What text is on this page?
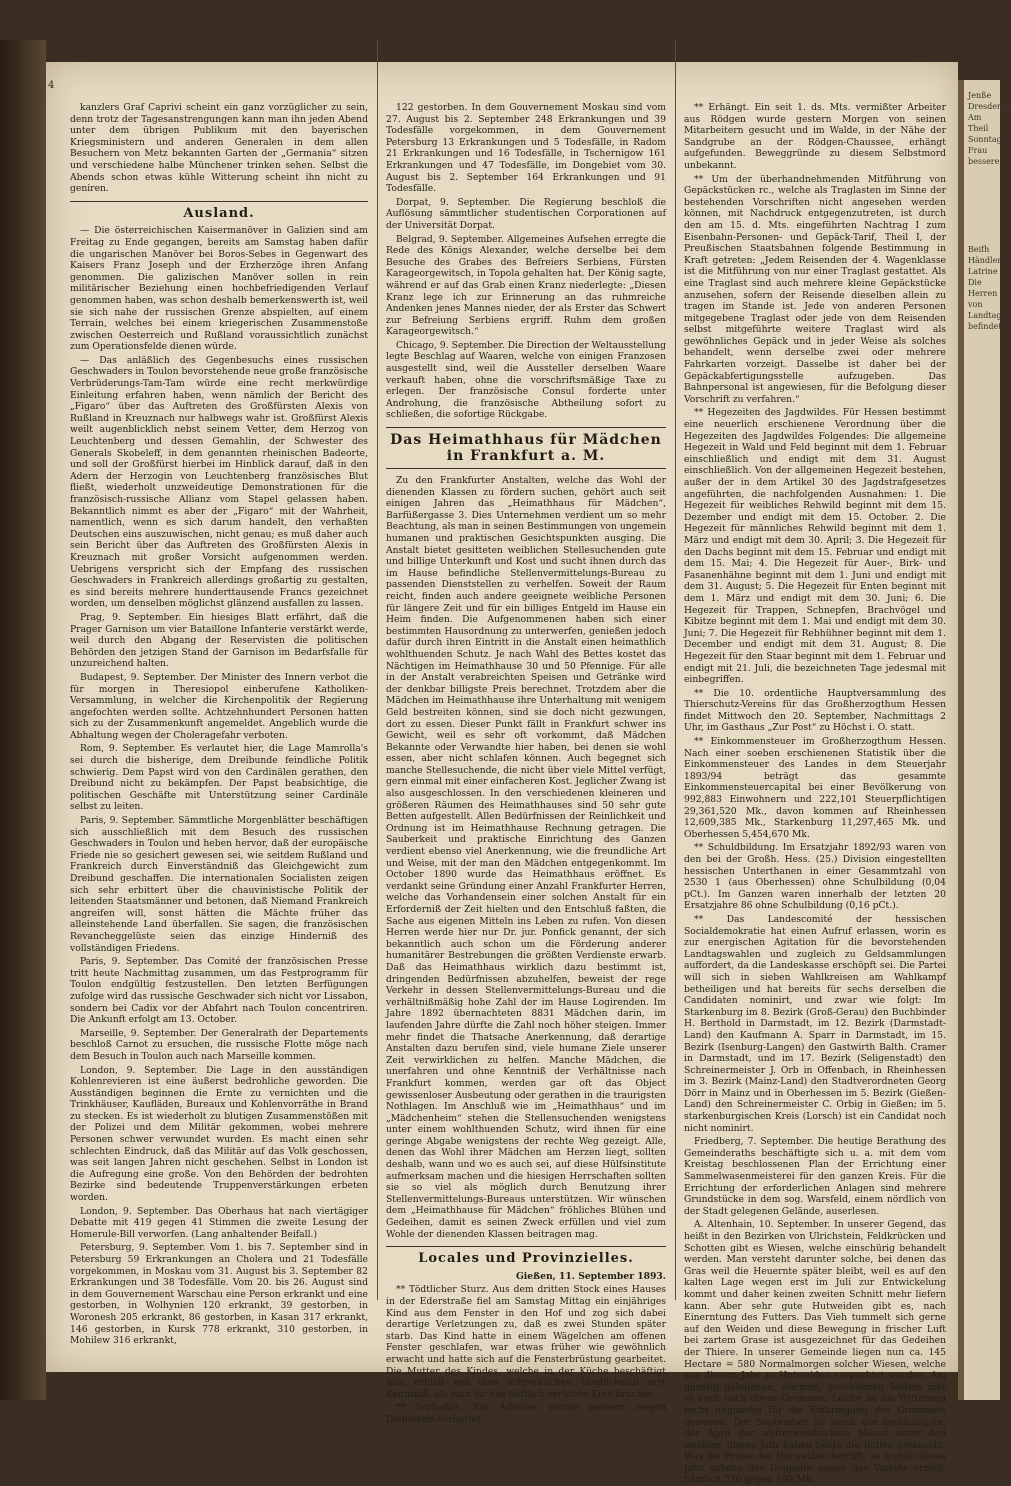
4

kanzlers Graf Caprivi scheint ein ganz vorzüglicher zu sein, denn trotz der Tagesanstrengungen kann man ihn jeden Abend unter dem übrigen Publikum mit den bayerischen Kriegsministern und anderen Generalen in dem allen Besuchern von Metz bekannten Garten der „Germania“ sitzen und verschiedene halbe Münchener trinken sehen. Selbst die Abends schon etwas kühle Witterung scheint ihn nicht zu geniren.

Ausland.

— Die österreichischen Kaisermanöver in Galizien sind am Freitag zu Ende gegangen, bereits am Samstag haben dafür die ungarischen Manöver bei Boros-Sebes in Gegenwart des Kaisers Franz Joseph und der Erzherzöge ihren Anfang genommen. Die galizischen Manöver sollen in rein militärischer Beziehung einen hochbefriedigenden Verlauf genommen haben, was schon deshalb bemerkenswerth ist, weil sie sich nahe der russischen Grenze abspielten, auf einem Terrain, welches bei einem kriegerischen Zusammenstoße zwischen Oesterreich und Rußland voraussichtlich zunächst zum Operationsfelde dienen würde.

— Das anläßlich des Gegenbesuchs eines russischen Geschwaders in Toulon bevorstehende neue große französische Verbrüderungs-Tam-Tam würde eine recht merkwürdige Einleitung erfahren haben, wenn nämlich der Bericht des „Figaro“ über das Auftreten des Großfürsten Alexis von Rußland in Kreuznach nur halbwegs wahr ist. Großfürst Alexis weilt augenblicklich nebst seinem Vetter, dem Herzog von Leuchtenberg und dessen Gemahlin, der Schwester des Generals Skobeleff, in dem genannten rheinischen Badeorte, und soll der Großfürst hierbei im Hinblick darauf, daß in den Adern der Herzogin von Leuchtenberg französisches Blut fließt, wiederholt unzweideutige Demonstrationen für die französisch-russische Allianz vom Stapel gelassen haben. Bekanntlich nimmt es aber der „Figaro“ mit der Wahrheit, namentlich, wenn es sich darum handelt, den verhaßten Deutschen eins auszuwischen, nicht genau; es muß daher auch sein Bericht über das Auftreten des Großfürsten Alexis in Kreuznach mit großer Vorsicht aufgenommen werden. Uebrigens verspricht sich der Empfang des russischen Geschwaders in Frankreich allerdings großartig zu gestalten, es sind bereits mehrere hunderttausende Francs gezeichnet worden, um denselben möglichst glänzend ausfallen zu lassen.

Prag, 9. September. Ein hiesiges Blatt erfährt, daß die Prager Garnison um vier Bataillone Infanterie verstärkt werde, weil durch den Abgang der Reservisten die politischen Behörden den jetzigen Stand der Garnison im Bedarfsfalle für unzureichend halten.

Budapest, 9. September. Der Minister des Innern verbot die für morgen in Theresiopol einberufene Katholiken-Versammlung, in welcher die Kirchenpolitik der Regierung angefochten werden sollte. Achtzehnhundert Personen hatten sich zu der Zusammenkunft angemeldet. Angeblich wurde die Abhaltung wegen der Choleragefahr verboten.

Rom, 9. September. Es verlautet hier, die Lage Mamrolla's sei durch die bisherige, dem Dreibunde feindliche Politik schwierig. Dem Papst wird von den Cardinälen gerathen, den Dreibund nicht zu bekämpfen. Der Papst beabsichtige, die politischen Geschäfte mit Unterstützung seiner Cardinäle selbst zu leiten.

Paris, 9. September. Sämmtliche Morgenblätter beschäftigen sich ausschließlich mit dem Besuch des russischen Geschwaders in Toulon und heben hervor, daß der europäische Friede nie so gesichert gewesen sei, wie seitdem Rußland und Frankreich durch Einverständniß das Gleichgewicht zum Dreibund geschaffen. Die internationalen Socialisten zeigen sich sehr erbittert über die chauvinistische Politik der leitenden Staatsmänner und betonen, daß Niemand Frankreich angreifen will, sonst hätten die Mächte früher das alleinstehende Land überfallen. Sie sagen, die französischen Revancheggelüste seien das einzige Hinderniß des vollständigen Friedens.

Paris, 9. September. Das Comité der französischen Presse tritt heute Nachmittag zusammen, um das Festprogramm für Toulon endgültig festzustellen. Den letzten Berfügungen zufolge wird das russische Geschwader sich nicht vor Lissabon, sondern bei Cadix vor der Abfahrt nach Toulon concentriren. Die Ankunft erfolgt am 13. October.

Marseille, 9. September. Der Generalrath der Departements beschloß Carnot zu ersuchen, die russische Flotte möge nach dem Besuch in Toulon auch nach Marseille kommen.

London, 9. September. Die Lage in den ausständigen Kohlenrevieren ist eine äußerst bedrohliche geworden. Die Ausständigen beginnen die Ernte zu vernichten und die Trinkhäuser, Kaufläden, Bureaux und Kohlenvorräthe in Brand zu stecken. Es ist wiederholt zu blutigen Zusammenstößen mit der Polizei und dem Militär gekommen, wobei mehrere Personen schwer verwundet wurden. Es macht einen sehr schlechten Eindruck, daß das Militär auf das Volk geschossen, was seit langen Jahren nicht geschehen. Selbst in London ist die Aufregung eine große. Von den Behörden der bedrohten Bezirke sind bedeutende Truppenverstärkungen erbeten worden.

London, 9. September. Das Oberhaus hat nach viertägiger Debatte mit 419 gegen 41 Stimmen die zweite Lesung der Homerule-Bill verworfen. (Lang anhaltender Beifall.)

Petersburg, 9. September. Vom 1. bis 7. September sind in Petersburg 59 Erkrankungen an Cholera und 21 Todesfälle vorgekommen, in Moskau vom 31. August bis 3. September 82 Erkrankungen und 38 Todesfälle. Vom 20. bis 26. August sind in dem Gouvernement Warschau eine Person erkrankt und eine gestorben, in Wolhynien 120 erkrankt, 39 gestorben, in Woronesh 205 erkrankt, 86 gestorben, in Kasan 317 erkrankt, 146 gestorben, in Kursk 778 erkrankt, 310 gestorben, in Mohilew 316 erkrankt,

122 gestorben. In dem Gouvernement Moskau sind vom 27. August bis 2. September 248 Erkrankungen und 39 Todesfälle vorgekommen, in dem Gouvernement Petersburg 13 Erkrankungen und 5 Todesfälle, in Radom 21 Erkrankungen und 16 Todesfälle, in Tschernigow 161 Erkrankungen und 47 Todesfälle, im Dongebiet vom 30. August bis 2. September 164 Erkrankungen und 91 Todesfälle.

Dorpat, 9. September. Die Regierung beschloß die Auflösung sämmtlicher studentischen Corporationen auf der Universität Dorpat.

Belgrad, 9. September. Allgemeines Aufsehen erregte die Rede des Königs Alexander, welche derselbe bei dem Besuche des Grabes des Befreiers Serbiens, Fürsten Karageorgewitsch, in Topola gehalten hat. Der König sagte, während er auf das Grab einen Kranz niederlegte: „Diesen Kranz lege ich zur Erinnerung an das ruhmreiche Andenken jenes Mannes nieder, der als Erster das Schwert zur Befreiung Serbiens ergriff. Ruhm dem großen Karageorgewitsch.“

Chicago, 9. September. Die Direction der Weltausstellung legte Beschlag auf Waaren, welche von einigen Franzosen ausgestellt sind, weil die Aussteller derselben Waare verkauft haben, ohne die vorschriftsmäßige Taxe zu erlegen. Der französische Consul forderte unter Androhung, die französische Abtheilung sofort zu schließen, die sofortige Rückgabe.

Das Heimathhaus für Mädchen in Frankfurt a. M.

Zu den Frankfurter Anstalten, welche das Wohl der dienenden Klassen zu fördern suchen, gehört auch seit einigen Jahren das „Heimathhaus für Mädchen“, Barfüßergasse 3. Dies Unternehmen verdient um so mehr Beachtung, als man in seinen Bestimmungen von ungemein humanen und praktischen Gesichtspunkten ausging. Die Anstalt bietet gesitteten weiblichen Stellesuchenden gute und billige Unterkunft und Kost und sucht ihnen durch das im Hause befindliche Stellenvermittelungs-Bureau zu passenden Dienststellen zu verhelfen. Soweit der Raum reicht, finden auch andere geeignete weibliche Personen für längere Zeit und für ein billiges Entgeld im Hause ein Heim finden. Die Aufgenommenen haben sich einer bestimmten Hausordnung zu unterwerfen, genießen jedoch dafür durch ihren Eintritt in die Anstalt einen heimathlich wohlthuenden Schutz. Je nach Wahl des Bettes kostet das Nächtigen im Heimathhause 30 und 50 Pfennige. Für alle in der Anstalt verabreichten Speisen und Getränke wird der denkbar billigste Preis berechnet. Trotzdem aber die Mädchen im Heimathhause ihre Unterhaltung mit wenigem Geld bestreiten können, sind sie doch nicht gezwungen, dort zu essen. Dieser Punkt fällt in Frankfurt schwer ins Gewicht, weil es sehr oft vorkommt, daß Mädchen Bekannte oder Verwandte hier haben, bei denen sie wohl essen, aber nicht schlafen können. Auch begegnet sich manche Stellesuchende, die nicht über viele Mittel verfügt, gern einmal mit einer einfacheren Kost. Jeglicher Zwang ist also ausgeschlossen. In den verschiedenen kleineren und größeren Räumen des Heimathhauses sind 50 sehr gute Betten aufgestellt. Allen Bedürfnissen der Reinlichkeit und Ordnung ist im Heimathhause Rechnung getragen. Die Sauberkeit und praktische Einrichtung des Ganzen verdient ebenso viel Anerkennung, wie die freundliche Art und Weise, mit der man den Mädchen entgegenkommt. Im October 1890 wurde das Heimathhaus eröffnet. Es verdankt seine Gründung einer Anzahl Frankfurter Herren, welche das Vorhandensein einer solchen Anstalt für ein Erforderniß der Zeit hielten und den Entschluß faßten, die Sache aus eigenen Mitteln ins Leben zu rufen. Von diesen Herren werde hier nur Dr. jur. Ponfick genannt, der sich bekanntlich auch schon um die Förderung anderer humanitärer Bestrebungen die größten Verdienste erwarb. Daß das Heimathhaus wirklich dazu bestimmt ist, dringenden Bedürfnissen abzuhelfen, beweist der rege Verkehr in dessen Stellenvermittelungs-Bureau und die verhältnißmäßig hohe Zahl der im Hause Logirenden. Im Jahre 1892 übernachteten 8831 Mädchen darin, im laufenden Jahre dürfte die Zahl noch höher steigen. Immer mehr findet die Thatsache Anerkennung, daß derartige Anstalten dazu berufen sind, viele humane Ziele unserer Zeit verwirklichen zu helfen. Manche Mädchen, die unerfahren und ohne Kenntniß der Verhältnisse nach Frankfurt kommen, werden gar oft das Object gewissenloser Ausbeutung oder gerathen in die traurigsten Nothlagen. Im Anschluß wie im „Heimathhaus“ und im „Mädchenheim“ stehen die Stellensuchenden wenigstens unter einem wohlthuenden Schutz, wird ihnen für eine geringe Abgabe wenigstens der rechte Weg gezeigt. Alle, denen das Wohl ihrer Mädchen am Herzen liegt, sollten deshalb, wann und wo es auch sei, auf diese Hülfsinstitute aufmerksam machen und die hiesigen Herrschaften sollten sie so viel als möglich durch Benutzung ihrer Stellenvermittelungs-Bureaus unterstützen. Wir wünschen dem „Heimathhause für Mädchen“ fröhliches Blühen und Gedeihen, damit es seinen Zweck erfüllen und viel zum Wohle der dienenden Klassen beitragen mag.

Locales und Provinzielles.
Gießen, 11. September 1893.

** Tödtlicher Sturz. Aus dem dritten Stock eines Hauses in der Ederstraße fiel am Samstag Mittag ein einjähriges Kind aus dem Fenster in den Hof und zog sich dabei derartige Verletzungen zu, daß es zwei Stunden später starb. Das Kind hatte in einem Wägelchen am offenen Fenster geschlafen, war etwas früher wie gewöhnlich erwacht und hatte sich auf die Fensterbrüstung gearbeitet. Die Mutter des Kindes, welche in der Küche beschäftigt war, erhielt von dem schrecklichen Unglücksfall erst Kenntniß, als man ihr das tödtlich verletzte Kind brachte.

** Verhaftet. Ein Arbeiter wurde gestern wegen Diebstahls verhaftet.

** Erhängt. Ein seit 1. ds. Mts. vermißter Arbeiter aus Rödgen wurde gestern Morgen von seinen Mitarbeitern gesucht und im Walde, in der Nähe der Sandgrube an der Rödgen-Chaussee, erhängt aufgefunden. Beweggründe zu diesem Selbstmord unbekannt.

** Um der überhandnehmenden Mitführung von Gepäckstücken rc., welche als Traglasten im Sinne der bestehenden Vorschriften nicht angesehen werden können, mit Nachdruck entgegenzutreten, ist durch den am 15. d. Mts. eingeführten Nachtrag I zum Eisenbahn-Personen- und Gepäck-Tarif, Theil I, der Preußischen Staatsbahnen folgende Bestimmung in Kraft getreten: „Jedem Reisenden der 4. Wagenklasse ist die Mitführung von nur einer Traglast gestattet. Als eine Traglast sind auch mehrere kleine Gepäckstücke anzusehen, sofern der Reisende dieselben allein zu tragen im Stande ist. Jede von anderen Personen mitgegebene Traglast oder jede von dem Reisenden selbst mitgeführte weitere Traglast wird als gewöhnliches Gepäck und in jeder Weise als solches behandelt, wenn derselbe zwei oder mehrere Fahrkarten vorzeigt. Dasselbe ist daher bei der Gepäckabfertigungsstelle aufzugeben. Das Bahnpersonal ist angewiesen, für die Befolgung dieser Vorschrift zu verfahren.“

** Hegezeiten des Jagdwildes. Für Hessen bestimmt eine neuerlich erschienene Verordnung über die Hegezeiten des Jagdwildes Folgendes: Die allgemeine Hegezeit in Wald und Feld beginnt mit dem 1. Februar einschließlich und endigt mit dem 31. August einschließlich. Von der allgemeinen Hegezeit bestehen, außer der in dem Artikel 30 des Jagdstrafgesetzes angeführten, die nachfolgenden Ausnahmen: 1. Die Hegezeit für weibliches Rehwild beginnt mit dem 15. Dezember und endigt mit dem 15. October. 2. Die Hegezeit für männliches Rehwild beginnt mit dem 1. März und endigt mit dem 30. April; 3. Die Hegezeit für den Dachs beginnt mit dem 15. Februar und endigt mit dem 15. Mai; 4. Die Hegezeit für Auer-, Birk- und Fasanenhähne beginnt mit dem 1. Juni und endigt mit dem 31. August; 5. Die Hegezeit für Enten beginnt mit dem 1. März und endigt mit dem 30. Juni; 6. Die Hegezeit für Trappen, Schnepfen, Brachvögel und Kibitze beginnt mit dem 1. Mai und endigt mit dem 30. Juni; 7. Die Hegezeit für Rebhühner beginnt mit dem 1. December und endigt mit dem 31. August; 8. Die Hegezeit für den Staar beginnt mit dem 1. Februar und endigt mit 21. Juli, die bezeichneten Tage jedesmal mit einbegriffen.

** Die 10. ordentliche Hauptversammlung des Thierschutz-Vereins für das Großherzogthum Hessen findet Mittwoch den 20. September, Nachmittags 2 Uhr, im Gasthaus „Zur Post“ zu Höchst i. O. statt.

** Einkommensteuer im Großherzogthum Hessen. Nach einer soeben erschienenen Statistik über die Einkommensteuer des Landes in dem Steuerjahr 1893/94 beträgt das gesammte Einkommensteuercapital bei einer Bevölkerung von 992,883 Einwohnern und 222,101 Steuerpflichtigen 29,361,520 Mk., davon kommen auf Rheinhessen 12,609,385 Mk., Starkenburg 11,297,465 Mk. und Oberhessen 5,454,670 Mk.

** Schuldbildung. Im Ersatzjahr 1892/93 waren von den bei der Großh. Hess. (25.) Division eingestellten hessischen Unterthanen in einer Gesammtzahl von 2530 1 (aus Oberhessen) ohne Schulbildung (0,04 pCt.). Im Ganzen waren innerhalb der letzten 20 Ersatzjahre 86 ohne Schulbildung (0,16 pCt.).

** Das Landescomité der hessischen Socialdemokratie hat einen Aufruf erlassen, worin es zur energischen Agitation für die bevorstehenden Landtagswahlen und zugleich zu Geldsammlungen auffordert, da die Landeskasse erschöpft sei. Die Partei will sich in sieben Wahlkreisen am Wahlkampf betheiligen und hat bereits für sechs derselben die Candidaten nominirt, und zwar wie folgt: Im Starkenburg im 8. Bezirk (Groß-Gerau) den Buchbinder H. Berthold in Darmstadt, im 12. Bezirk (Darmstadt-Land) den Kaufmann A. Sparr in Darmstadt, im 15. Bezirk (Isenburg-Langen) den Gastwirth Balth. Cramer in Darmstadt, und im 17. Bezirk (Seligenstadt) den Schreinermeister J. Orb in Offenbach, in Rheinhessen im 3. Bezirk (Mainz-Land) den Stadtverordneten Georg Dörr in Mainz und in Oberhessen im 5. Bezirk (Gießen-Land) den Schreinermeister C. Orbig in Gießen; im 5. starkenburgischen Kreis (Lorsch) ist ein Candidat noch nicht nominirt.

Friedberg, 7. September. Die heutige Berathung des Gemeinderaths beschäftigte sich u. a. mit dem vom Kreistag beschlossenen Plan der Errichtung einer Sammelwasenmeisterei für den ganzen Kreis. Für die Errichtung der erforderlichen Anlagen sind mehrere Grundstücke in dem sog. Warsfeld, einem nördlich von der Stadt gelegenen Gelände, auserlesen.

A. Altenhain, 10. September. In unserer Gegend, das heißt in den Bezirken von Ulrichstein, Feldkrücken und Schotten gibt es Wiesen, welche einschürig behandelt werden. Man versteht darunter solche, bei denen das Gras weil die Heuernte später bleibt, weil es auf den kalten Lage wegen erst im Juli zur Entwickelung kommt und daher keinen zweiten Schnitt mehr liefern kann. Aber sehr gute Hutweiden gibt es, nach Einerntung des Futters. Das Vieh tummelt sich gerne auf den Weiden und diese Bewegung in frischer Luft bei zartem Grase ist ausgezeichnet für das Gedeihen der Thiere. In unserer Gemeinde liegen nun ca. 145 Hectare = 580 Normalmorgen solcher Wiesen, welche aus diesem Jahr zu Hutweiden verpachtet wurden. Am günstig gelegenen, warmen, geschützten Stellen gibt es auch noch etwas Grummet. Leider ist die Witterung recht ungünstig für die Einbringung des Grummets gewesen. Der September ist somit der beständigste, der April der wetterwendischste Monat unter den zwölfen; dieses Jahr haben beide die Rollen getauscht. Was die Preise der Hutweiden betrifft, so wurde dieses Jahr nahezu das Doppelte gegen das Vorjahr erzielt, nämlich 570 gegen 199 Mk.

Jenße
Dresdener
Am Theil
Sonntag
Frau
bessere

Beifh
Händler
Latrine
Die Herren
von Landtag
befindet
